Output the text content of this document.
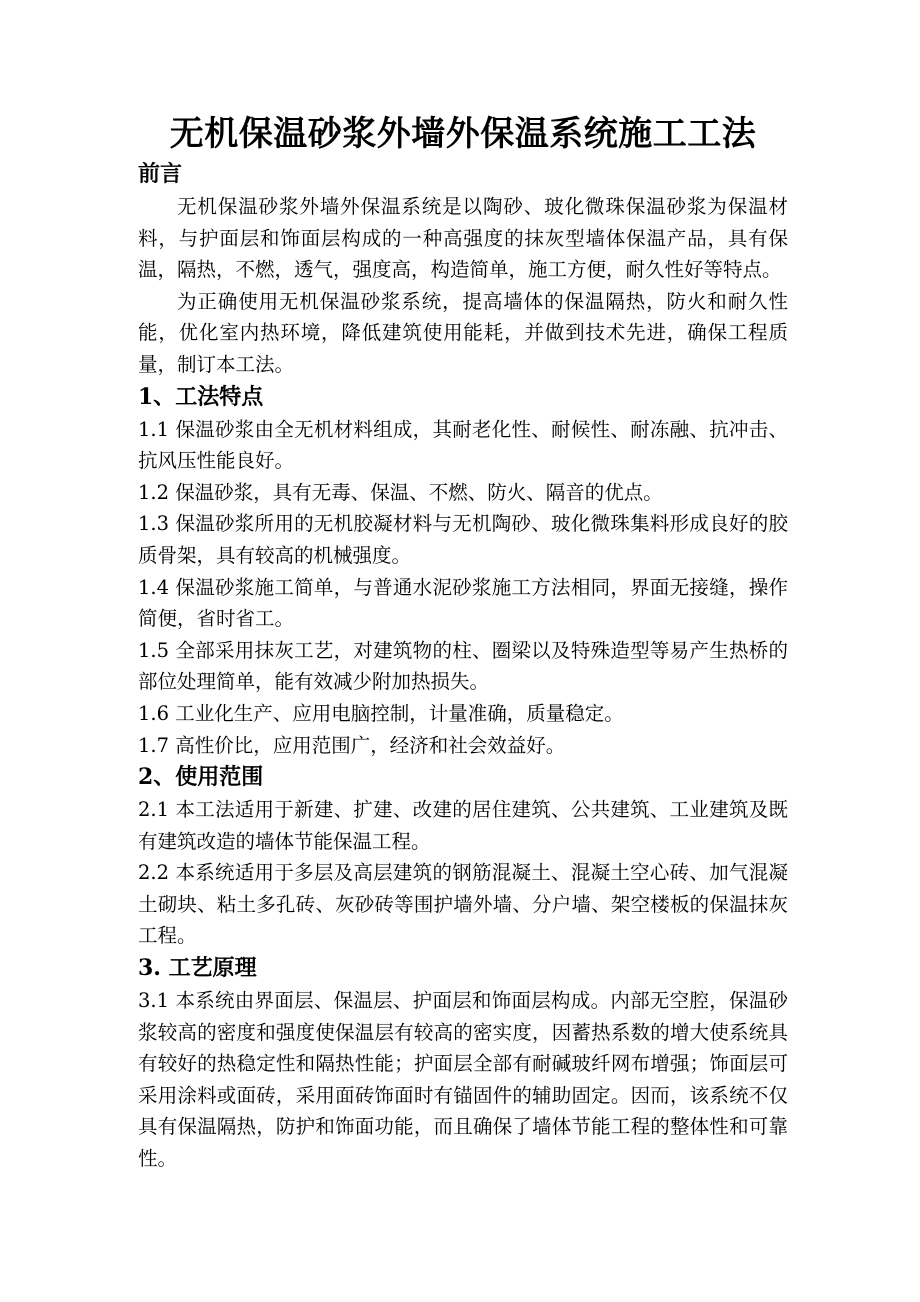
无机保温砂浆外墙外保温系统施工工法
前言

无机保温砂浆外墙外保温系统是以陶砂、玻化微珠保温砂浆为保温材料，与护面层和饰面层构成的一种高强度的抹灰型墙体保温产品，具有保温，隔热，不燃，透气，强度高，构造简单，施工方便，耐久性好等特点。

为正确使用无机保温砂浆系统，提高墙体的保温隔热，防火和耐久性能，优化室内热环境，降低建筑使用能耗，并做到技术先进，确保工程质量，制订本工法。

1、工法特点

1.1 保温砂浆由全无机材料组成，其耐老化性、耐候性、耐冻融、抗冲击、抗风压性能良好。

1.2 保温砂浆，具有无毒、保温、不燃、防火、隔音的优点。

1.3 保温砂浆所用的无机胶凝材料与无机陶砂、玻化微珠集料形成良好的胶质骨架，具有较高的机械强度。

1.4 保温砂浆施工简单，与普通水泥砂浆施工方法相同，界面无接缝，操作简便，省时省工。

1.5 全部采用抹灰工艺，对建筑物的柱、圈梁以及特殊造型等易产生热桥的部位处理简单，能有效减少附加热损失。

1.6 工业化生产、应用电脑控制，计量准确，质量稳定。

1.7 高性价比，应用范围广，经济和社会效益好。

2、使用范围

2.1 本工法适用于新建、扩建、改建的居住建筑、公共建筑、工业建筑及既有建筑改造的墙体节能保温工程。

2.2 本系统适用于多层及高层建筑的钢筋混凝土、混凝土空心砖、加气混凝土砌块、粘土多孔砖、灰砂砖等围护墙外墙、分户墙、架空楼板的保温抹灰工程。

3. 工艺原理

3.1 本系统由界面层、保温层、护面层和饰面层构成。内部无空腔，保温砂浆较高的密度和强度使保温层有较高的密实度，因蓄热系数的增大使系统具有较好的热稳定性和隔热性能；护面层全部有耐碱玻纤网布增强；饰面层可采用涂料或面砖，采用面砖饰面时有锚固件的辅助固定。因而，该系统不仅具有保温隔热，防护和饰面功能，而且确保了墙体节能工程的整体性和可靠性。
